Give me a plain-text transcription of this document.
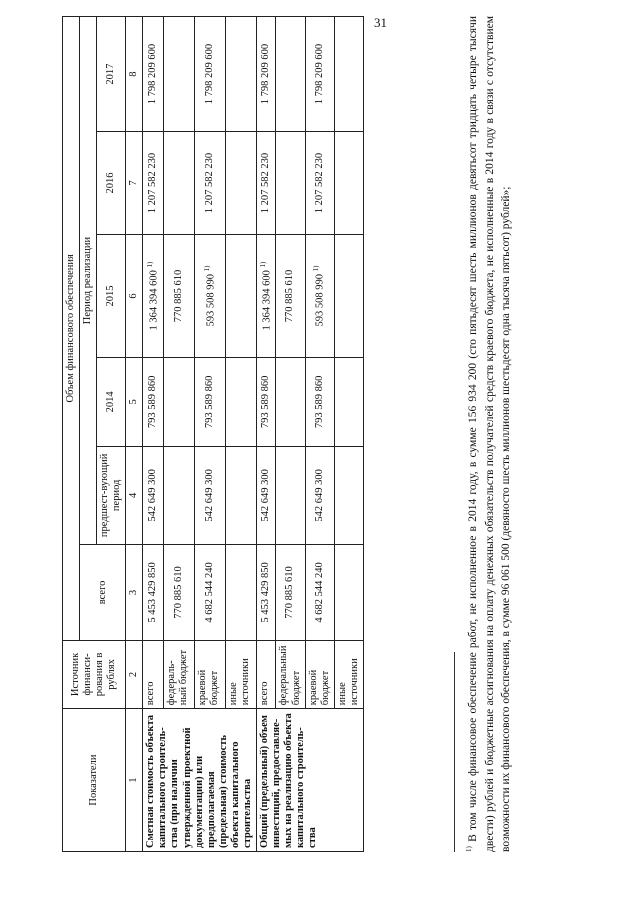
31
Показатели	Источник финанси-рования в рублях	Объем финансового обеспечения					
		всего	Период реализации				
			предшест-вующий период	2014	2015	2016	2017
1	2	3	4	5	6	7	8
Сметная стоимость объекта капитального строитель-ства (при наличии утвержденной проектной документации) или предполагаемая (предельная) стоимость объекта капитального строительства	всего	5 453 429 850	542 649 300	793 589 860	1 364 394 600 $^{1)}$	1 207 582 230	1 798 209 600
	федераль-ный бюджет	770 885 610			770 885 610		
	краевой бюджет	4 682 544 240	542 649 300	793 589 860	593 508 990 $^{1)}$	1 207 582 230	1 798 209 600
	иные источники						
Общий (предельный) объем инвестиций, предоставляе-мых на реализацию объекта капитального строитель-ства	всего	5 453 429 850	542 649 300	793 589 860	1 364 394 600 $^{1)}$	1 207 582 230	1 798 209 600
	федеральный бюджет	770 885 610			770 885 610		
	краевой бюджет	4 682 544 240	542 649 300	793 589 860	593 508 990 $^{1)}$	1 207 582 230	1 798 209 600
	иные источники						
$^{1)}$ В том числе финансовое обеспечение работ, не исполненное в 2014 году, в сумме 156 934 200 (сто пятьдесят шесть миллионов девятьсот тридцать четыре тысячи двести) рублей и бюджетные ассигнования на оплату денежных обязательств получателей средств краевого бюджета, не исполненные в 2014 году в связи с отсутствием возможности их финансового обеспечения, в сумме 96 061 500 (девяносто шесть миллионов шестьдесят одна тысяча пятьсот) рублей»;
